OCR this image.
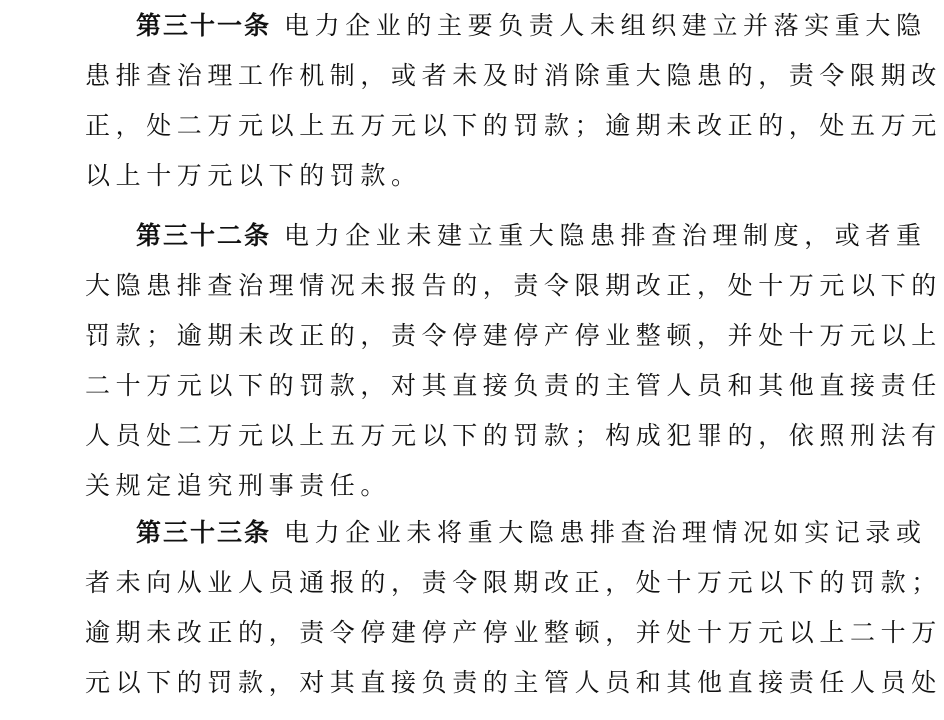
第三十一条 电力企业的主要负责人未组织建立并落实重大隐
患排查治理工作机制，或者未及时消除重大隐患的，责令限期改
正，处二万元以上五万元以下的罚款；逾期未改正的，处五万元
以上十万元以下的罚款。
第三十二条 电力企业未建立重大隐患排查治理制度，或者重
大隐患排查治理情况未报告的，责令限期改正，处十万元以下的
罚款；逾期未改正的，责令停建停产停业整顿，并处十万元以上
二十万元以下的罚款，对其直接负责的主管人员和其他直接责任
人员处二万元以上五万元以下的罚款；构成犯罪的，依照刑法有
关规定追究刑事责任。
第三十三条 电力企业未将重大隐患排查治理情况如实记录或
者未向从业人员通报的，责令限期改正，处十万元以下的罚款；
逾期未改正的，责令停建停产停业整顿，并处十万元以上二十万
元以下的罚款，对其直接负责的主管人员和其他直接责任人员处
